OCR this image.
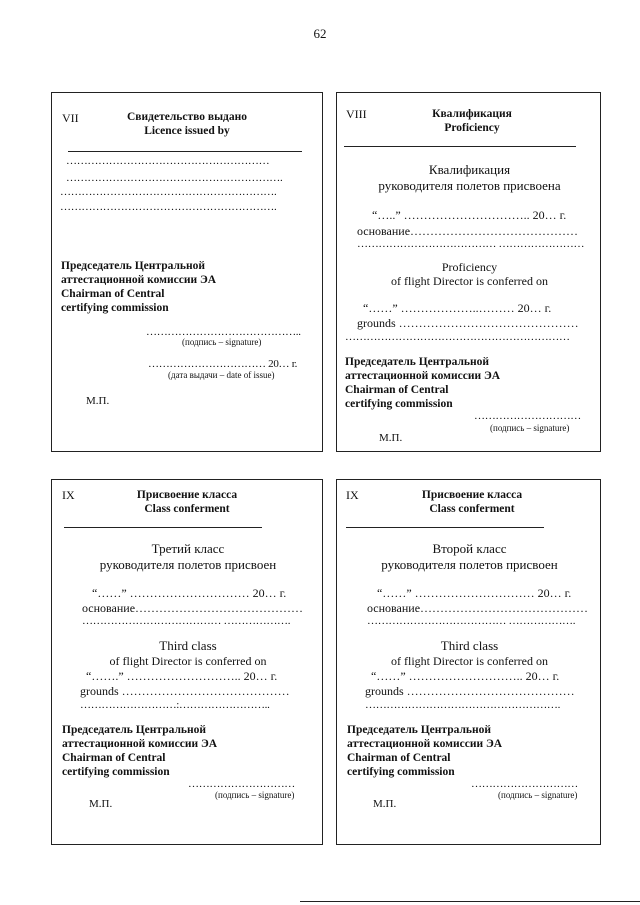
62
VII	Свидетельство выдано
Licence issued by
…………………………………………………
…………………………………………………….
…………………………………………………….
…………………………………………………….
Председатель Центральной
аттестационной комиссии ЭА
Chairman of Central
certifying commission
……………………………………..
(подпись – signature)
…………………………… 20… г.
(дата выдачи – date of issue)
М.П.
VIII	Квалификация
Proficiency
Квалификация
руководителя полетов присвоена
“…..” ………………………….. 20… г.
основание……………………………………
………………………………… ……………………
Proficiency
of flight Director is conferred on
“……” ………………..……… 20… г.
grounds ………………………………………
………………………………………………………
Председатель Центральной
аттестационной комиссии ЭА
Chairman of Central
certifying commission
…………………………
(подпись – signature)
М.П.
IX	Присвоение класса
Class conferment
Третий класс
руководителя полетов присвоен
“……” ………………………… 20… г.
основание……………………………………
………………………………… ……………….
Third class
of flight Director is conferred on
“…….” ……………………….. 20… г.
grounds ……………………………………
………………………:……………………..
Председатель Центральной
аттестационной комиссии ЭА
Chairman of Central
certifying commission
…………………………
(подпись – signature)
М.П.
IX	Присвоение класса
Class conferment
Второй класс
руководителя полетов присвоен
“……” ………………………… 20… г.
основание……………………………………
………………………………… ……………….
Third class
of flight Director is conferred on
“……” ……………………….. 20… г.
grounds ……………………………………
……………………………………………….
Председатель Центральной
аттестационной комиссии ЭА
Chairman of Central
certifying commission
…………………………
(подпись – signature)
М.П.
